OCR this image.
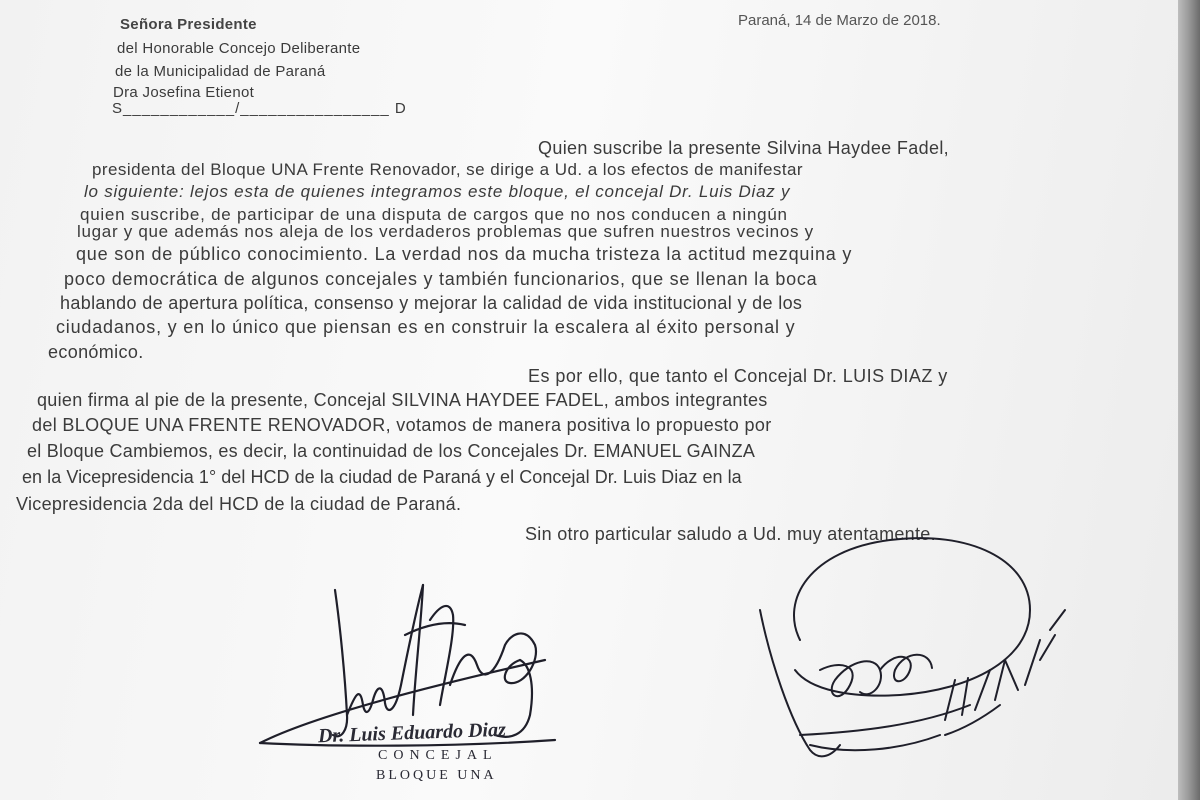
Paraná, 14 de Marzo de 2018.
Señora Presidente
del Honorable Concejo Deliberante
de la Municipalidad de Paraná
Dra Josefina Etienot
S____________/________________ D
Quien suscribe la presente Silvina Haydee Fadel,
presidenta del Bloque UNA Frente Renovador, se dirige a Ud. a los efectos de manifestar
lo siguiente: lejos esta de quienes integramos este bloque, el concejal Dr. Luis Diaz y
quien suscribe, de participar de una disputa de cargos que no nos conducen a ningún
lugar y que además nos aleja de los verdaderos problemas que sufren nuestros vecinos y
que son de público conocimiento. La verdad nos da mucha tristeza la actitud mezquina y
poco democrática de algunos concejales y también funcionarios, que se llenan la boca
hablando de apertura política, consenso y mejorar la calidad de vida institucional y de los
ciudadanos, y en lo único que piensan es en construir la escalera al éxito personal y
económico.
Es por ello, que tanto el Concejal Dr. LUIS DIAZ y
quien firma al pie de la presente, Concejal SILVINA HAYDEE FADEL, ambos integrantes
del BLOQUE UNA FRENTE RENOVADOR, votamos de manera positiva lo propuesto por
el Bloque Cambiemos, es decir, la continuidad de los Concejales Dr. EMANUEL GAINZA
en la Vicepresidencia 1° del HCD de la ciudad de Paraná y el Concejal Dr. Luis Diaz en la
Vicepresidencia 2da del HCD de la ciudad de Paraná.
Sin otro particular saludo a Ud. muy atentamente.
Dr. Luis Eduardo Diaz
CONCEJAL
BLOQUE UNA
